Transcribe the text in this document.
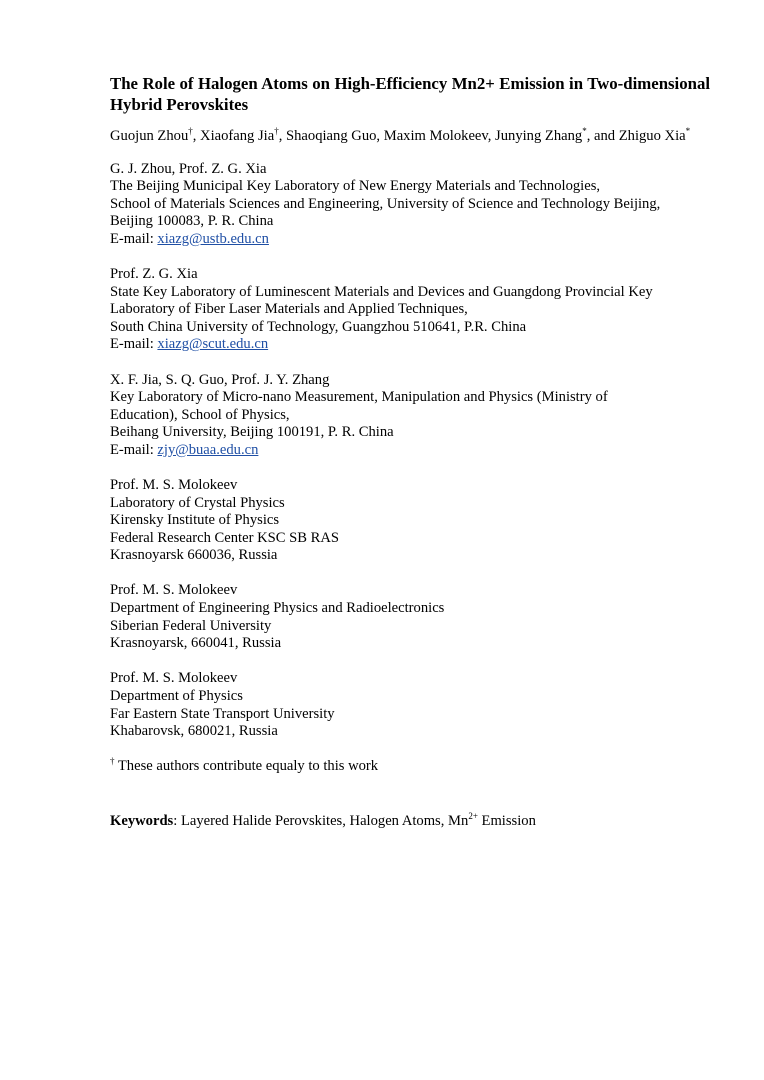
The Role of Halogen Atoms on High-Efficiency Mn2+ Emission in Two-dimensional Hybrid Perovskites
Guojun Zhou†, Xiaofang Jia†, Shaoqiang Guo, Maxim Molokeev, Junying Zhang*, and Zhiguo Xia*
G. J. Zhou, Prof. Z. G. Xia
The Beijing Municipal Key Laboratory of New Energy Materials and Technologies,
School of Materials Sciences and Engineering, University of Science and Technology Beijing,
Beijing 100083, P. R. China
E-mail: xiazg@ustb.edu.cn
Prof. Z. G. Xia
State Key Laboratory of Luminescent Materials and Devices and Guangdong Provincial Key
Laboratory of Fiber Laser Materials and Applied Techniques,
South China University of Technology, Guangzhou 510641, P.R. China
E-mail: xiazg@scut.edu.cn
X. F. Jia, S. Q. Guo, Prof. J. Y. Zhang
Key Laboratory of Micro-nano Measurement, Manipulation and Physics (Ministry of
Education), School of Physics,
Beihang University, Beijing 100191, P. R. China
E-mail: zjy@buaa.edu.cn
Prof. M. S. Molokeev
Laboratory of Crystal Physics
Kirensky Institute of Physics
Federal Research Center KSC SB RAS
Krasnoyarsk 660036, Russia
Prof. M. S. Molokeev
Department of Engineering Physics and Radioelectronics
Siberian Federal University
Krasnoyarsk, 660041, Russia
Prof. M. S. Molokeev
Department of Physics
Far Eastern State Transport University
Khabarovsk, 680021, Russia
† These authors contribute equaly to this work
Keywords: Layered Halide Perovskites, Halogen Atoms, $Mn^{2+}$ Emission
